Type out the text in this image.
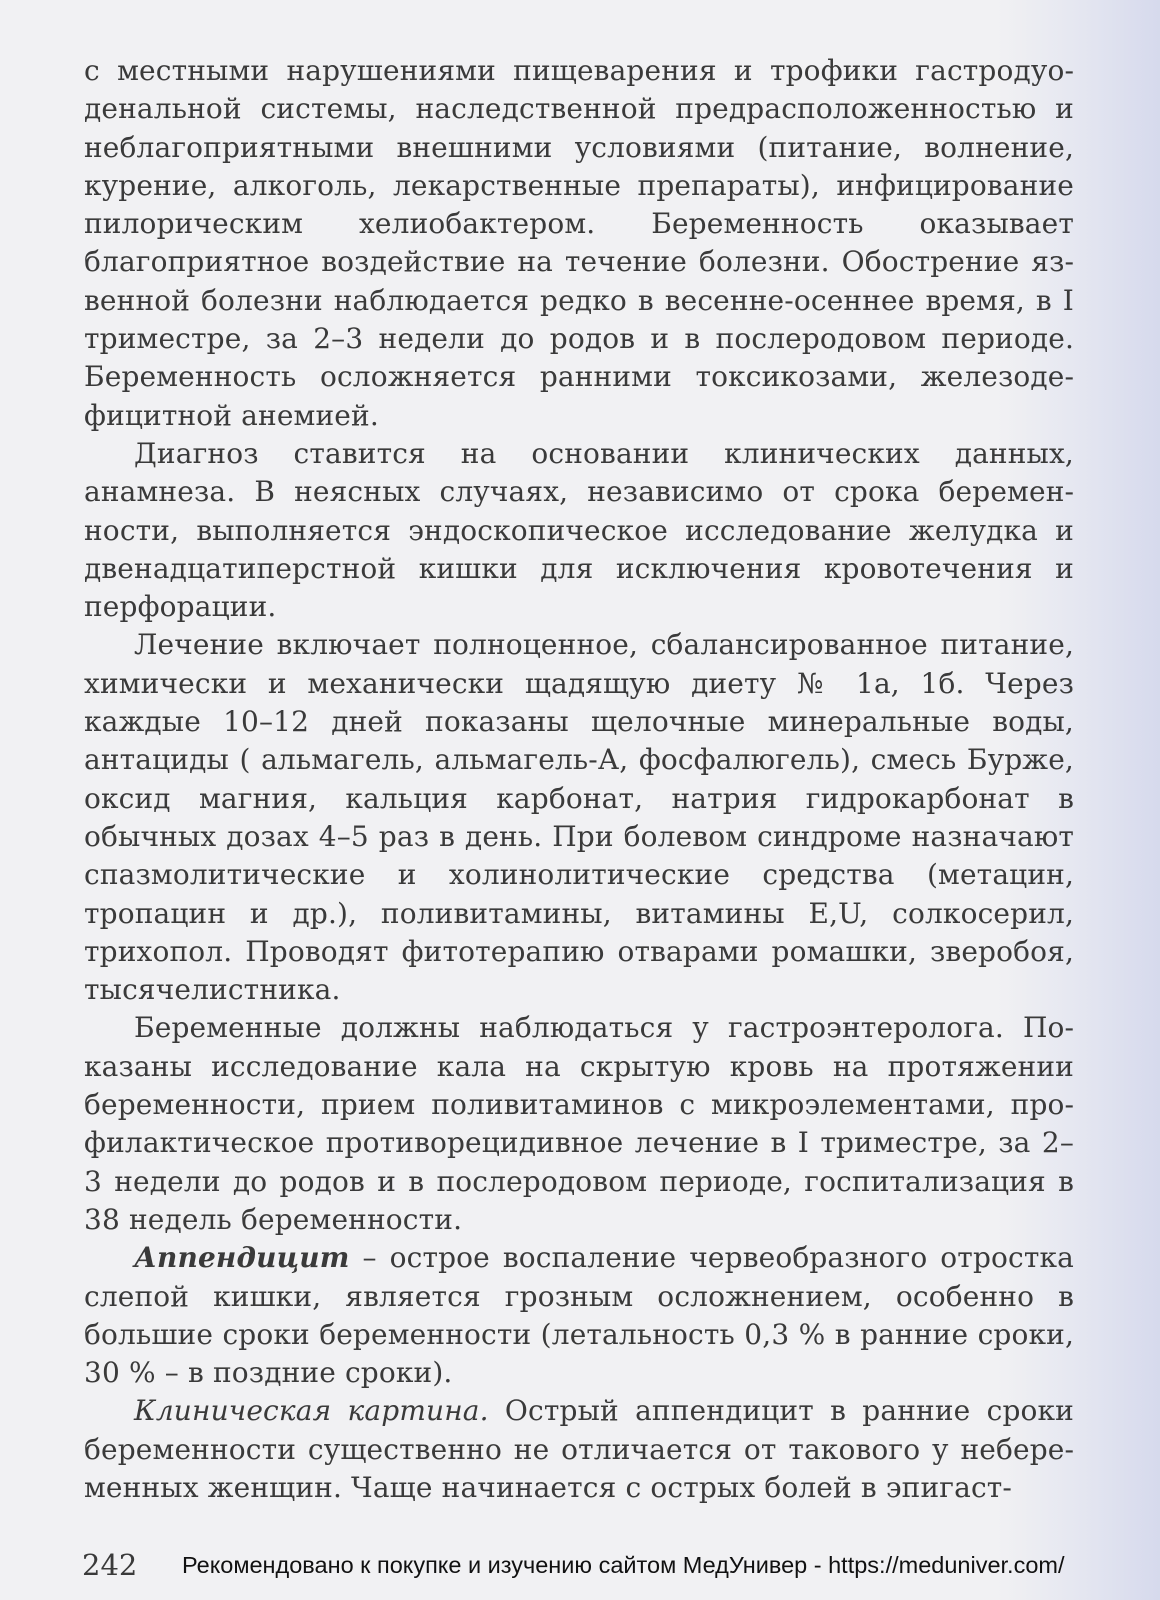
с местными нарушениями пищеварения и трофики гастродуоденальной системы, наследственной предрасположенностью и неблагоприятными внешними условиями (питание, волнение, курение, алкоголь, лекарственные препараты), инфицирование пилорическим хелиобактером. Беременность оказывает благоприятное воздействие на течение болезни. Обострение язвенной болезни наблюдается редко в весенне-осеннее время, в I триместре, за 2–3 недели до родов и в послеродовом периоде. Беременность осложняется ранними токсикозами, железодефицитной анемией.

Диагноз ставится на основании клинических данных, анамнеза. В неясных случаях, независимо от срока беременности, выполняется эндоскопическое исследование желудка и двенадцатиперстной кишки для исключения кровотечения и перфорации.

Лечение включает полноценное, сбалансированное питание, химически и механически щадящую диету № 1а, 1б. Через каждые 10–12 дней показаны щелочные минеральные воды, антациды ( альмагель, альмагель-А, фосфалюгель), смесь Бурже, оксид магния, кальция карбонат, натрия гидрокарбонат в обычных дозах 4–5 раз в день. При болевом синдроме назначают спазмолитические и холинолитические средства (метацин, тропацин и др.), поливитамины, витамины E,U, солкосерил, трихопол. Проводят фитотерапию отварами ромашки, зверобоя, тысячелистника.

Беременные должны наблюдаться у гастроэнтеролога. Показаны исследование кала на скрытую кровь на протяжении беременности, прием поливитаминов с микроэлементами, профилактическое противорецидивное лечение в I триместре, за 2–3 недели до родов и в послеродовом периоде, госпитализация в 38 недель беременности.

Аппендицит – острое воспаление червеобразного отростка слепой кишки, является грозным осложнением, особенно в большие сроки беременности (летальность 0,3 % в ранние сроки, 30 % – в поздние сроки).

Клиническая картина. Острый аппендицит в ранние сроки беременности существенно не отличается от такового у небеременных женщин. Чаще начинается с острых болей в эпигаст-

242 Рекомендовано к покупке и изучению сайтом МедУнивер - https://meduniver.com/
